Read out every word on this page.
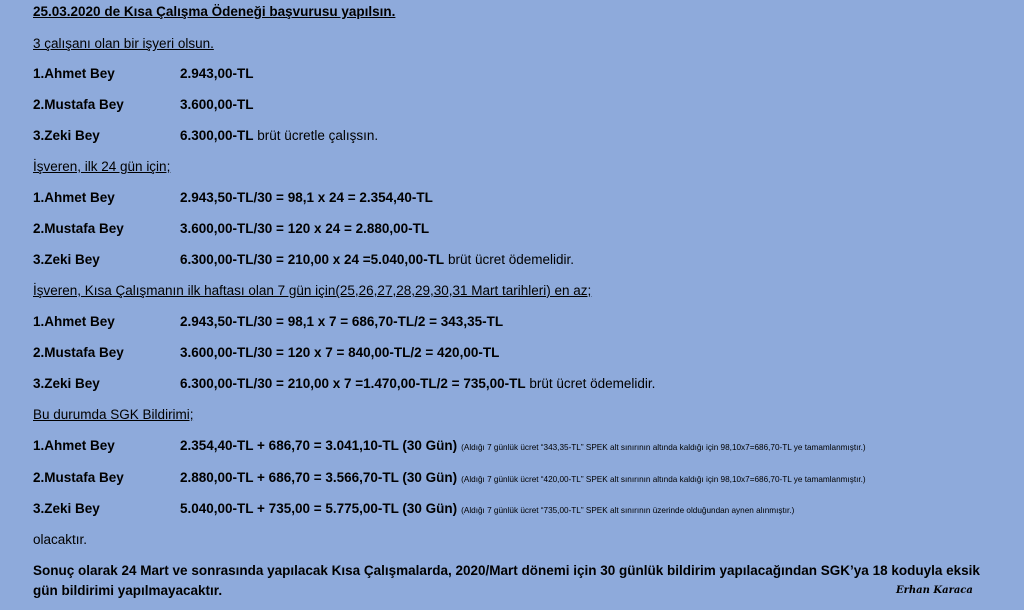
25.03.2020 de Kısa Çalışma Ödeneği başvurusu yapılsın.
3 çalışanı olan bir işyeri olsun.
1.Ahmet Bey	2.943,00-TL
2.Mustafa Bey	3.600,00-TL
3.Zeki Bey	6.300,00-TL brüt ücretle çalışsın.
İşveren, ilk 24 gün için;
1.Ahmet Bey	2.943,50-TL/30 = 98,1 x 24 = 2.354,40-TL
2.Mustafa Bey	3.600,00-TL/30 = 120 x 24 = 2.880,00-TL
3.Zeki Bey	6.300,00-TL/30 = 210,00 x 24 =5.040,00-TL brüt ücret ödemelidir.
İşveren, Kısa Çalışmanın ilk haftası olan 7 gün için(25,26,27,28,29,30,31 Mart tarihleri) en az;
1.Ahmet Bey	2.943,50-TL/30 = 98,1 x 7 = 686,70-TL/2 = 343,35-TL
2.Mustafa Bey	3.600,00-TL/30 = 120 x 7 = 840,00-TL/2 = 420,00-TL
3.Zeki Bey	6.300,00-TL/30 = 210,00 x 7 =1.470,00-TL/2 = 735,00-TL brüt ücret ödemelidir.
Bu durumda SGK Bildirimi;
1.Ahmet Bey	2.354,40-TL + 686,70 = 3.041,10-TL (30 Gün) (Aldığı 7 günlük ücret “343,35-TL” SPEK alt sınırının altında kaldığı için 98,10x7=686,70-TL ye tamamlanmıştır.)
2.Mustafa Bey	2.880,00-TL + 686,70 = 3.566,70-TL (30 Gün) (Aldığı 7 günlük ücret “420,00-TL” SPEK alt sınırının altında kaldığı için 98,10x7=686,70-TL ye tamamlanmıştır.)
3.Zeki Bey	5.040,00-TL + 735,00 = 5.775,00-TL (30 Gün) (Aldığı 7 günlük ücret “735,00-TL” SPEK alt sınırının üzerinde olduğundan aynen alınmıştır.)
olacaktır.
Sonuç olarak 24 Mart ve sonrasında yapılacak Kısa Çalışmalarda, 2020/Mart dönemi için 30 günlük bildirim yapılacağından SGK’ya 18 koduyla eksik gün bildirimi yapılmayacaktır.	Erhan Karaca
